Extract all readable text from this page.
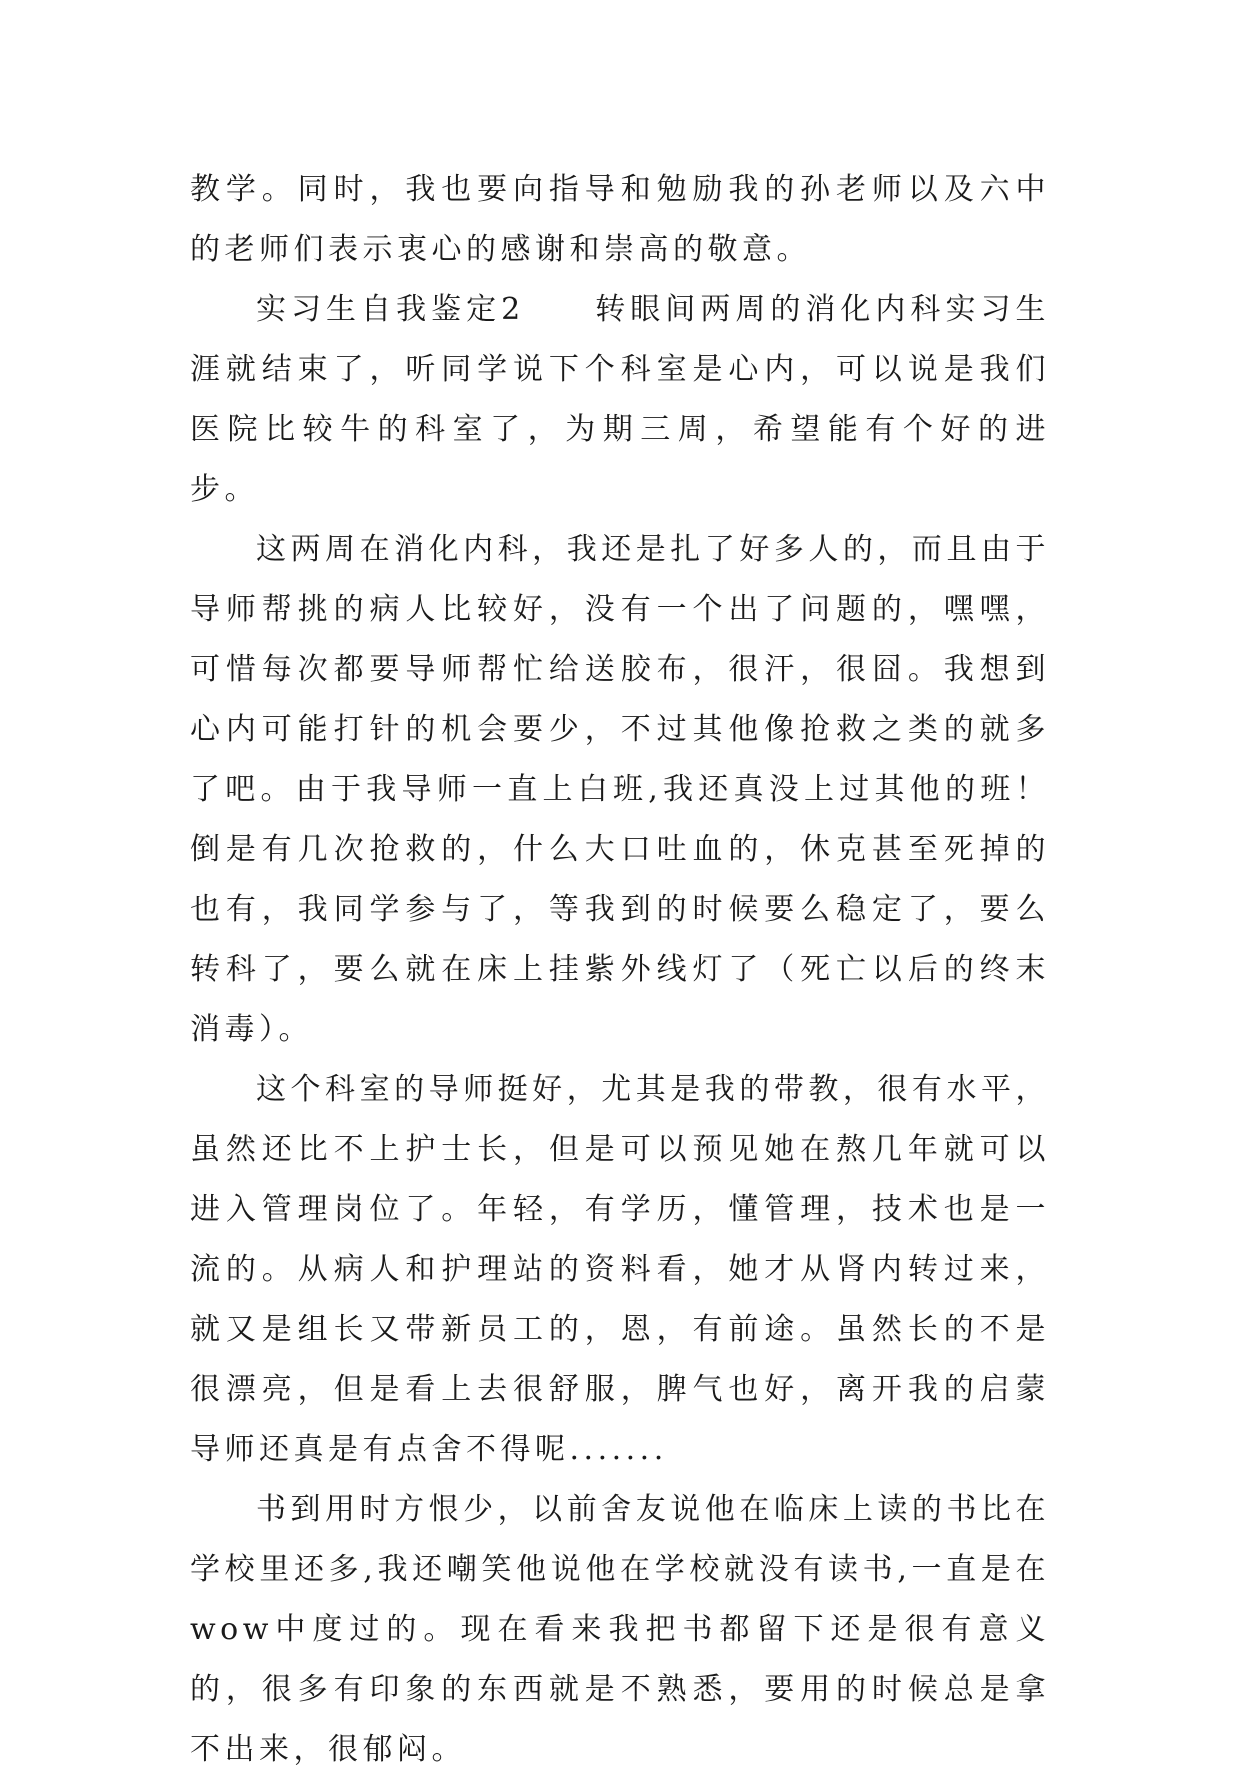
教学。同时，我也要向指导和勉励我的孙老师以及六中的老师们表示衷心的感谢和崇高的敬意。

实习生自我鉴定2　　转眼间两周的消化内科实习生涯就结束了，听同学说下个科室是心内，可以说是我们医院比较牛的科室了，为期三周，希望能有个好的进步。

这两周在消化内科，我还是扎了好多人的，而且由于导师帮挑的病人比较好，没有一个出了问题的，嘿嘿，可惜每次都要导师帮忙给送胶布，很汗，很囧。我想到心内可能打针的机会要少，不过其他像抢救之类的就多了吧。由于我导师一直上白班,我还真没上过其他的班！倒是有几次抢救的，什么大口吐血的，休克甚至死掉的也有，我同学参与了，等我到的时候要么稳定了，要么转科了，要么就在床上挂紫外线灯了（死亡以后的终末消毒）。

这个科室的导师挺好，尤其是我的带教，很有水平，虽然还比不上护士长，但是可以预见她在熬几年就可以进入管理岗位了。年轻，有学历，懂管理，技术也是一流的。从病人和护理站的资料看，她才从肾内转过来，就又是组长又带新员工的，恩，有前途。虽然长的不是很漂亮，但是看上去很舒服，脾气也好，离开我的启蒙导师还真是有点舍不得呢.......

书到用时方恨少，以前舍友说他在临床上读的书比在学校里还多,我还嘲笑他说他在学校就没有读书,一直是在wow中度过的。现在看来我把书都留下还是很有意义的，很多有印象的东西就是不熟悉，要用的时候总是拿不出来，很郁闷。
